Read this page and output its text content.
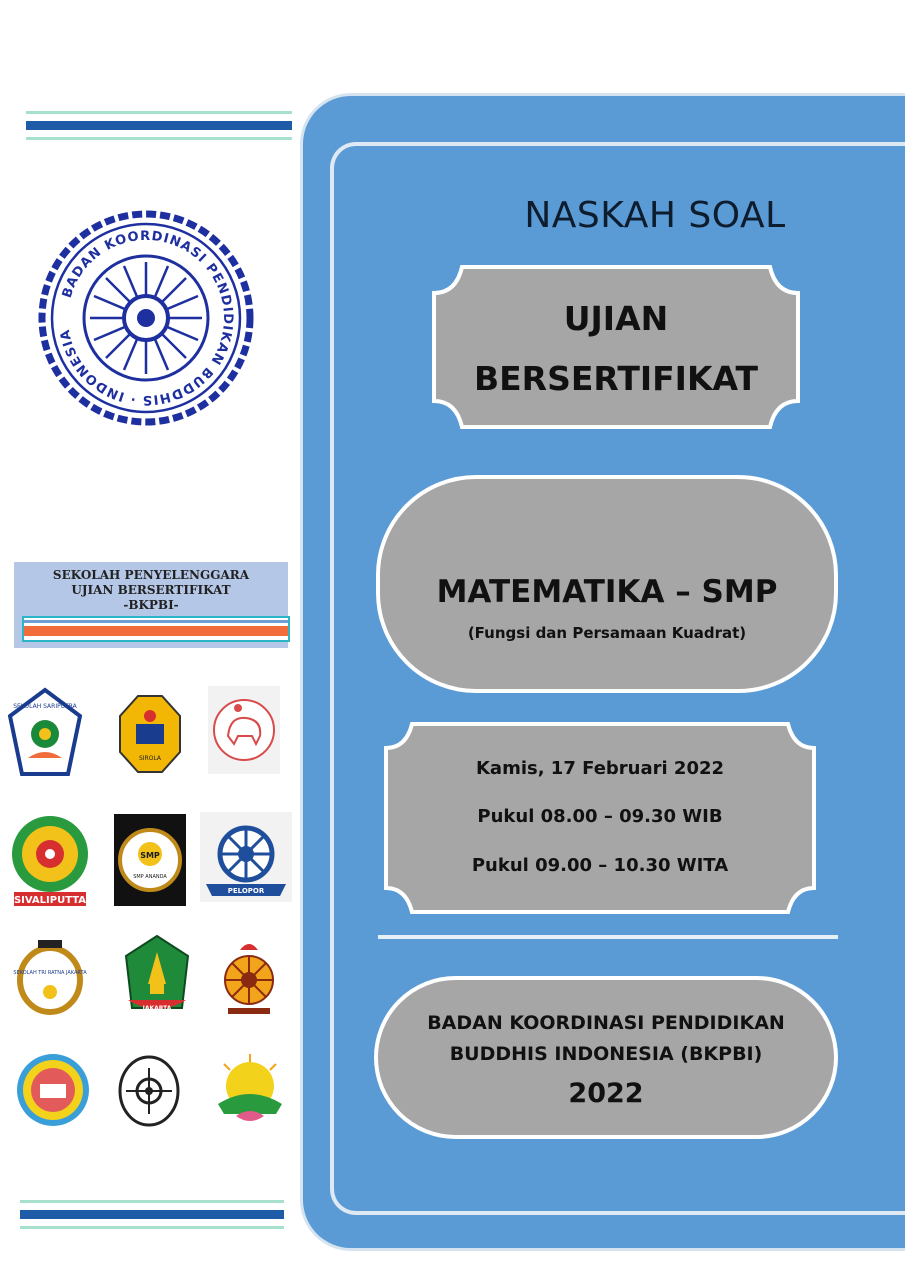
BADAN KOORDINASI PENDIDIKAN BUDDHIS · INDONESIA
SEKOLAH PENYELENGGARA
UJIAN BERSERTIFIKAT
-BKPBI-
SEKOLAH SARIPUTRA
SIROLA
SIVALIPUTTA
SMP
SMP ANANDA
PELOPOR
SEKOLAH TRI RATNA JAKARTA
JAKARTA
NASKAH SOAL
UJIAN
BERSERTIFIKAT
MATEMATIKA – SMP
(Fungsi dan Persamaan Kuadrat)
Kamis, 17 Februari 2022
Pukul 08.00 – 09.30 WIB
Pukul 09.00 – 10.30 WITA
BADAN KOORDINASI PENDIDIKAN
BUDDHIS INDONESIA (BKPBI)
2022
